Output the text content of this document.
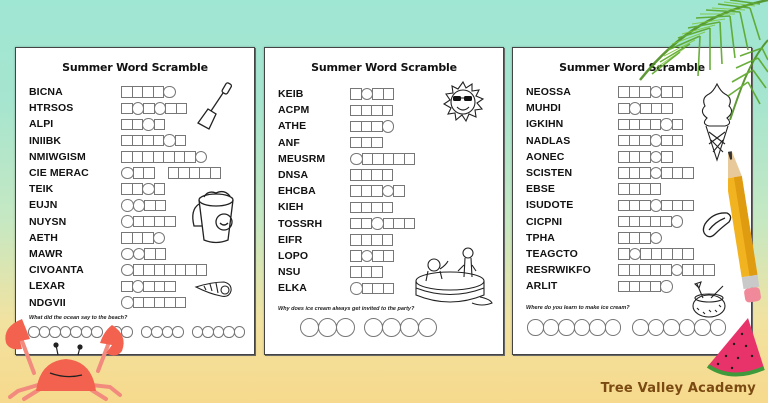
Summer Word Scramble
BICNA
HTRSOS
ALPI
INIIBK
NMIWGISM
CIE MERAC
TEIK
EUJN
NUYSN
AETH
MAWR
CIVOANTA
LEXAR
NDGVII
What did the ocean say to the beach?
Summer Word Scramble
KEIB
ACPM
ATHE
ANF
MEUSRM
DNSA
EHCBA
KIEH
TOSSRH
EIFR
LOPO
NSU
ELKA
Why does ice cream always get invited to the party?
Summer Word Scramble
NEOSSA
MUHDI
IGKIHN
NADLAS
AONEC
SCISTEN
EBSE
ISUDOTE
CICPNI
TPHA
TEAGCTO
RESRWIKFO
ARLIT
Where do you learn to make ice cream?
Tree Valley Academy
